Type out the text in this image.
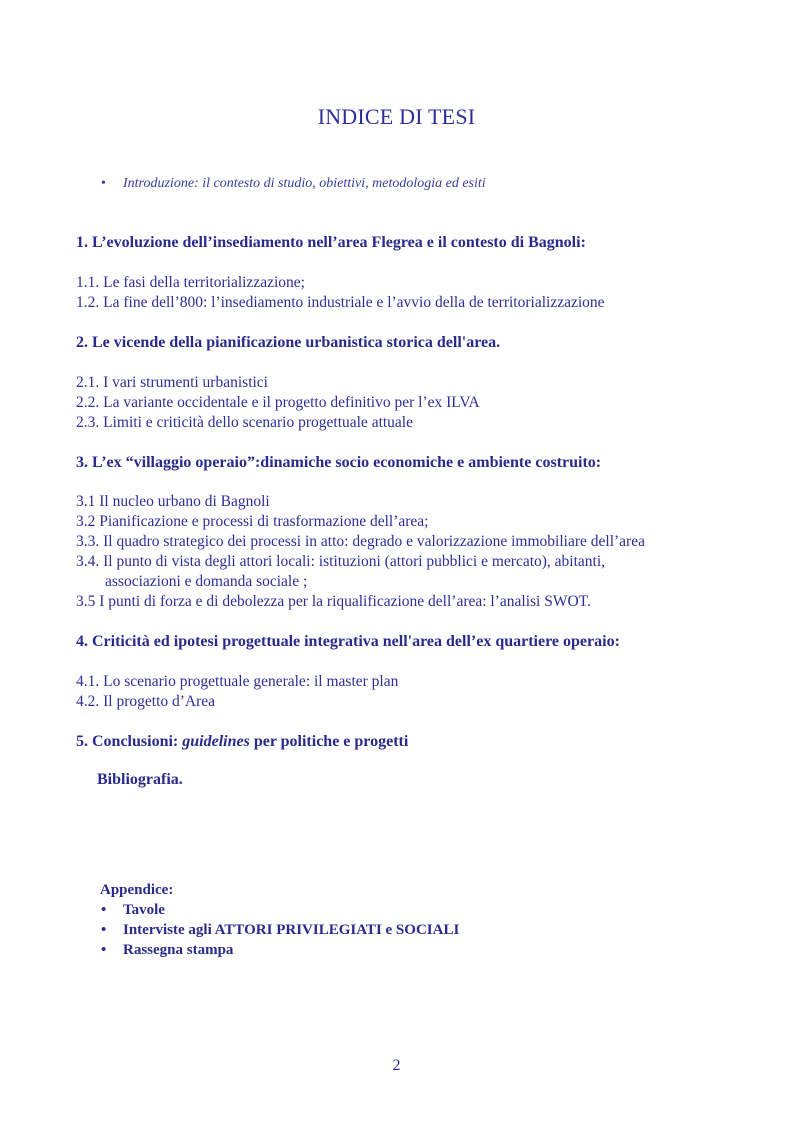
INDICE DI TESI
• Introduzione: il contesto di studio, obiettivi, metodologia ed esiti
1. L’evoluzione dell’insediamento nell’area Flegrea e il contesto di Bagnoli:
1.1. Le fasi della territorializzazione;
1.2. La fine dell’800: l’insediamento industriale e l’avvio della de territorializzazione
2. Le vicende della pianificazione urbanistica storica dell'area.
2.1. I vari strumenti urbanistici
2.2. La variante occidentale e il progetto definitivo per l’ex ILVA
2.3. Limiti e criticità dello scenario progettuale attuale
3. L’ex “villaggio operaio”:dinamiche socio economiche e ambiente costruito:
3.1 Il nucleo urbano di Bagnoli
3.2 Pianificazione e processi di trasformazione dell’area;
3.3. Il quadro strategico dei processi in atto: degrado e valorizzazione immobiliare dell’area
3.4. Il punto di vista degli attori locali: istituzioni (attori pubblici e mercato), abitanti,
associazioni e domanda sociale ;
3.5 I punti di forza e di debolezza per la riqualificazione dell’area: l’analisi SWOT.
4. Criticità ed ipotesi progettuale integrativa nell'area dell’ex quartiere operaio:
4.1. Lo scenario progettuale generale: il master plan
4.2. Il progetto d’Area
5. Conclusioni: guidelines per politiche e progetti
Bibliografia.
Appendice:
• Tavole
• Interviste agli ATTORI PRIVILEGIATI e SOCIALI
• Rassegna stampa
2
